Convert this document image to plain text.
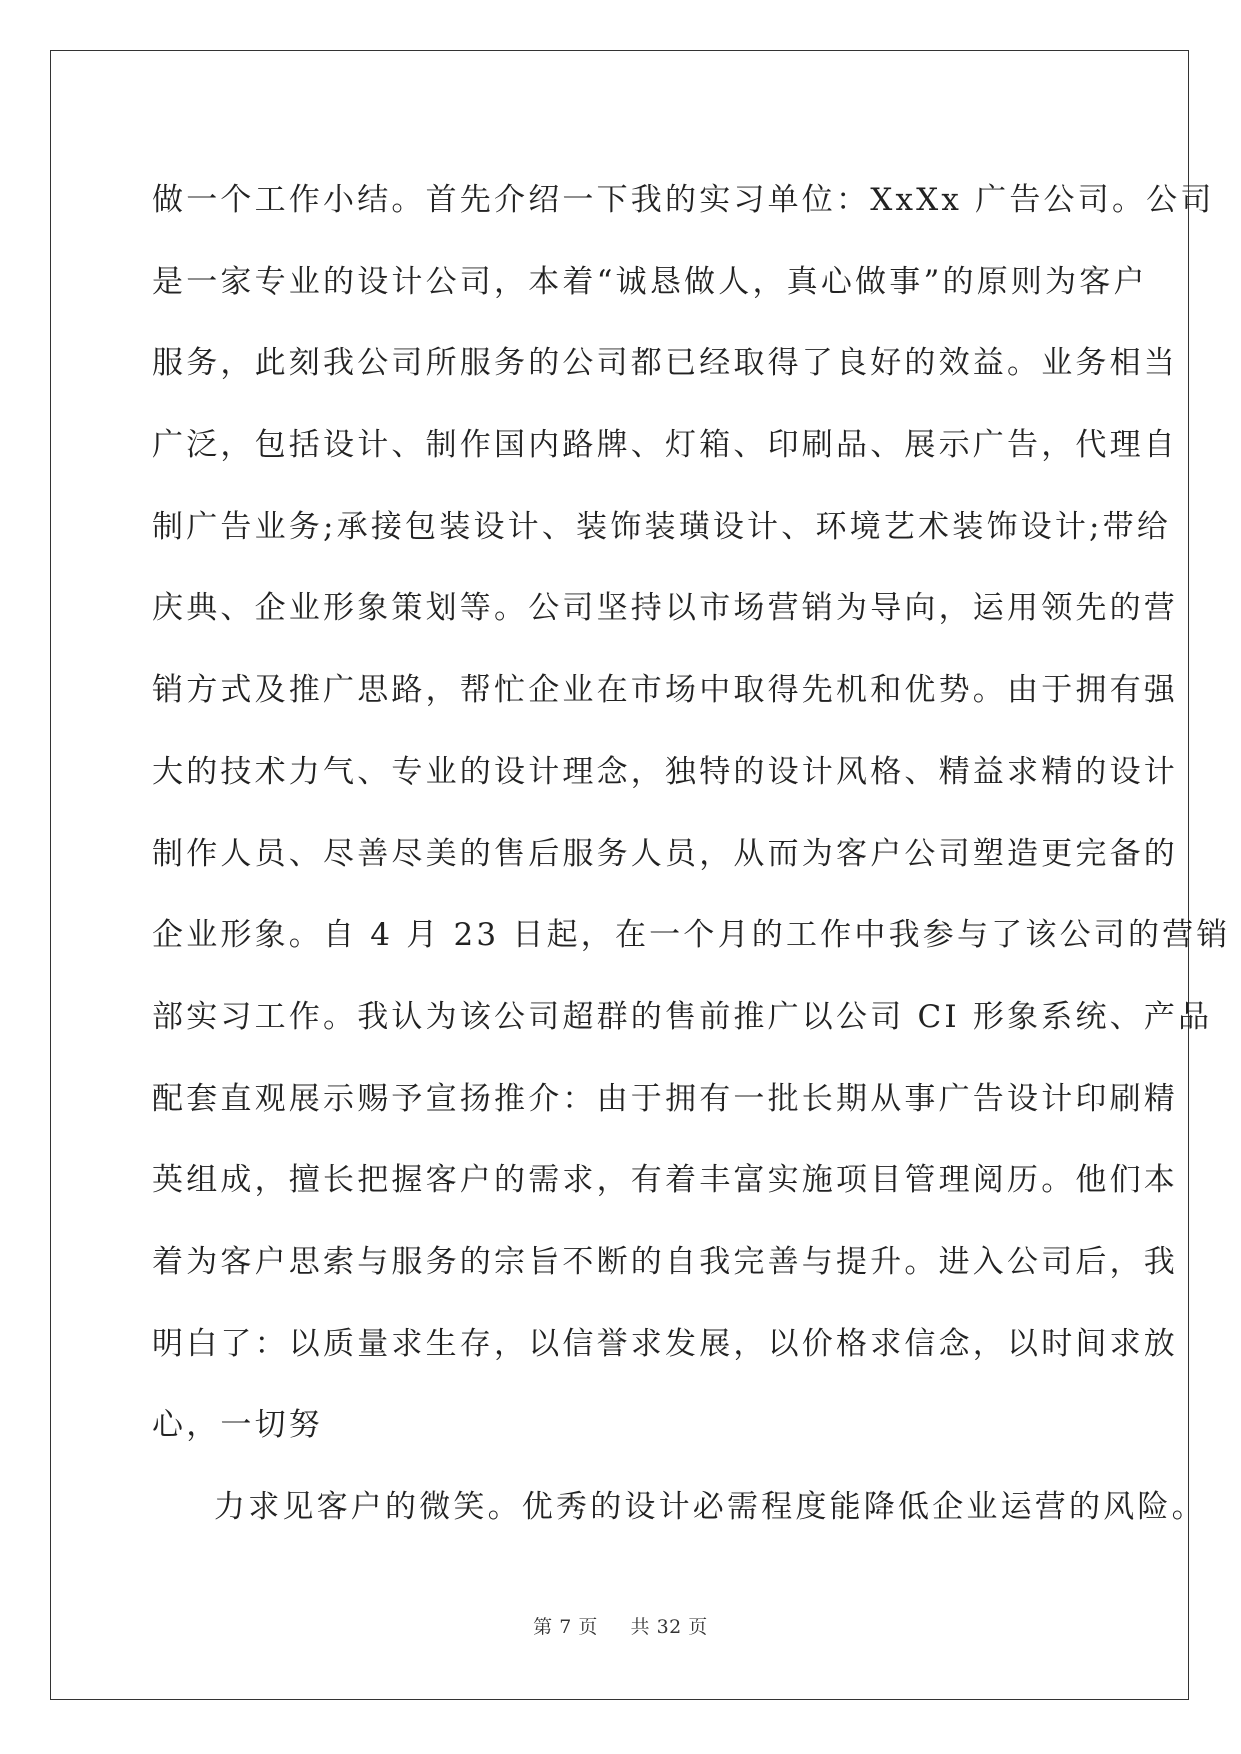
做一个工作小结。首先介绍一下我的实习单位：XxXx 广告公司。公司
是一家专业的设计公司，本着“诚恳做人，真心做事”的原则为客户
服务，此刻我公司所服务的公司都已经取得了良好的效益。业务相当
广泛，包括设计、制作国内路牌、灯箱、印刷品、展示广告，代理自
制广告业务;承接包装设计、装饰装璜设计、环境艺术装饰设计;带给
庆典、企业形象策划等。公司坚持以市场营销为导向，运用领先的营
销方式及推广思路，帮忙企业在市场中取得先机和优势。由于拥有强
大的技术力气、专业的设计理念，独特的设计风格、精益求精的设计
制作人员、尽善尽美的售后服务人员，从而为客户公司塑造更完备的
企业形象。自 4 月 23 日起，在一个月的工作中我参与了该公司的营销
部实习工作。我认为该公司超群的售前推广以公司 CI 形象系统、产品
配套直观展示赐予宣扬推介：由于拥有一批长期从事广告设计印刷精
英组成，擅长把握客户的需求，有着丰富实施项目管理阅历。他们本
着为客户思索与服务的宗旨不断的自我完善与提升。进入公司后，我
明白了：以质量求生存，以信誉求发展，以价格求信念，以时间求放
心，一切努
力求见客户的微笑。优秀的设计必需程度能降低企业运营的风险。
第 7 页 共 32 页
